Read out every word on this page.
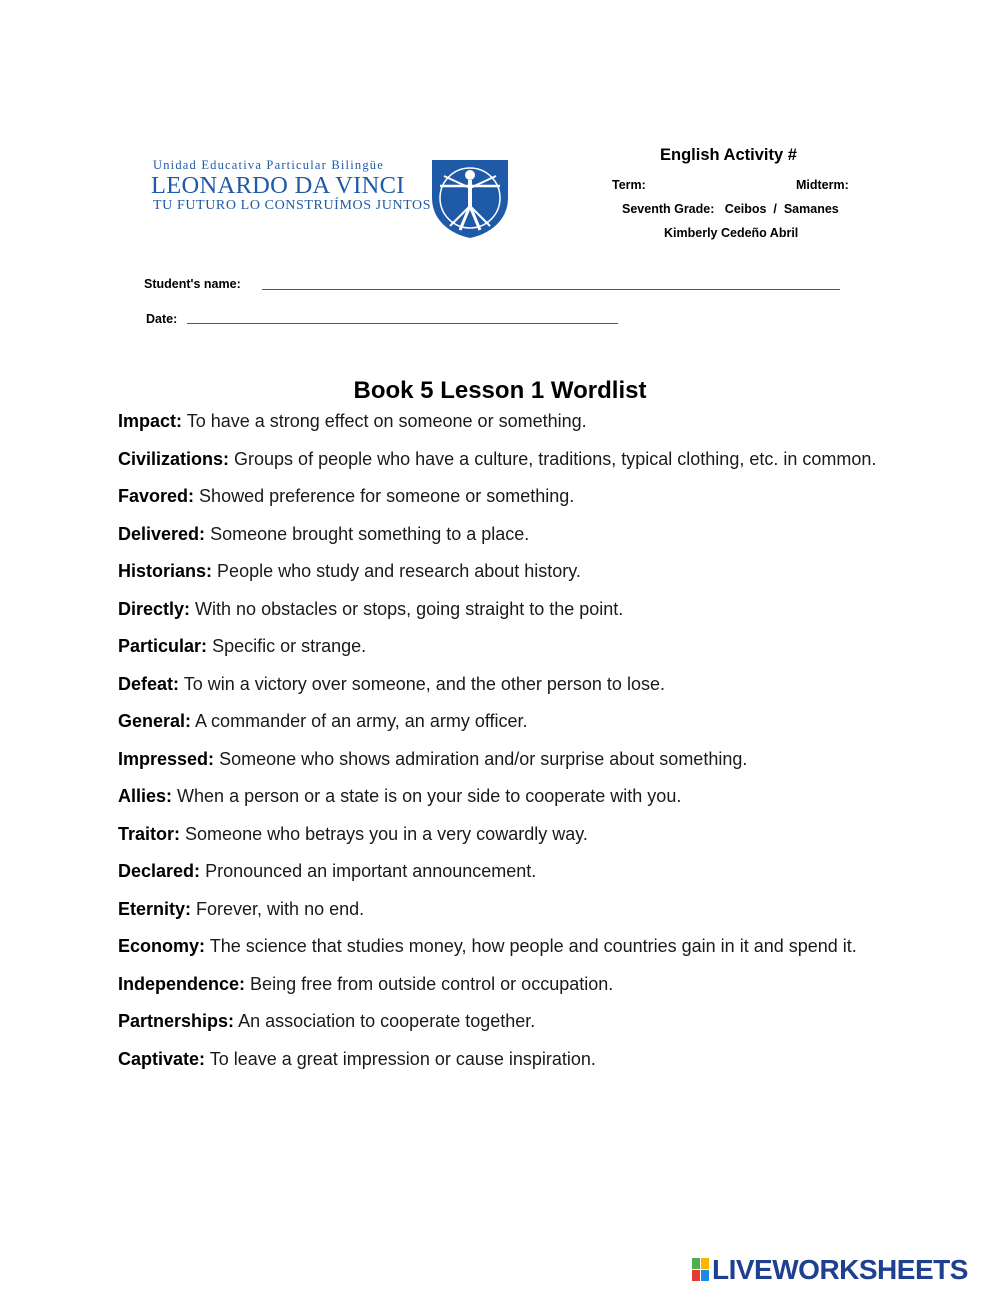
Unidad Educativa Particular Bilingüe
LEONARDO DA VINCI
TU FUTURO LO CONSTRUÍMOS JUNTOS
English Activity #
Term:	Midterm:
Seventh Grade:   Ceibos  /  Samanes
Kimberly Cedeño Abril
Student's name:
Date:
Book 5 Lesson 1 Wordlist
Impact: To have a strong effect on someone or something.
Civilizations: Groups of people who have a culture, traditions, typical clothing, etc. in common.
Favored: Showed preference for someone or something.
Delivered: Someone brought something to a place.
Historians: People who study and research about history.
Directly: With no obstacles or stops, going straight to the point.
Particular: Specific or strange.
Defeat: To win a victory over someone, and the other person to lose.
General: A commander of an army, an army officer.
Impressed: Someone who shows admiration and/or surprise about something.
Allies: When a person or a state is on your side to cooperate with you.
Traitor: Someone who betrays you in a very cowardly way.
Declared: Pronounced an important announcement.
Eternity: Forever, with no end.
Economy: The science that studies money, how people and countries gain in it and spend it.
Independence: Being free from outside control or occupation.
Partnerships: An association to cooperate together.
Captivate: To leave a great impression or cause inspiration.
LIVEWORKSHEETS
